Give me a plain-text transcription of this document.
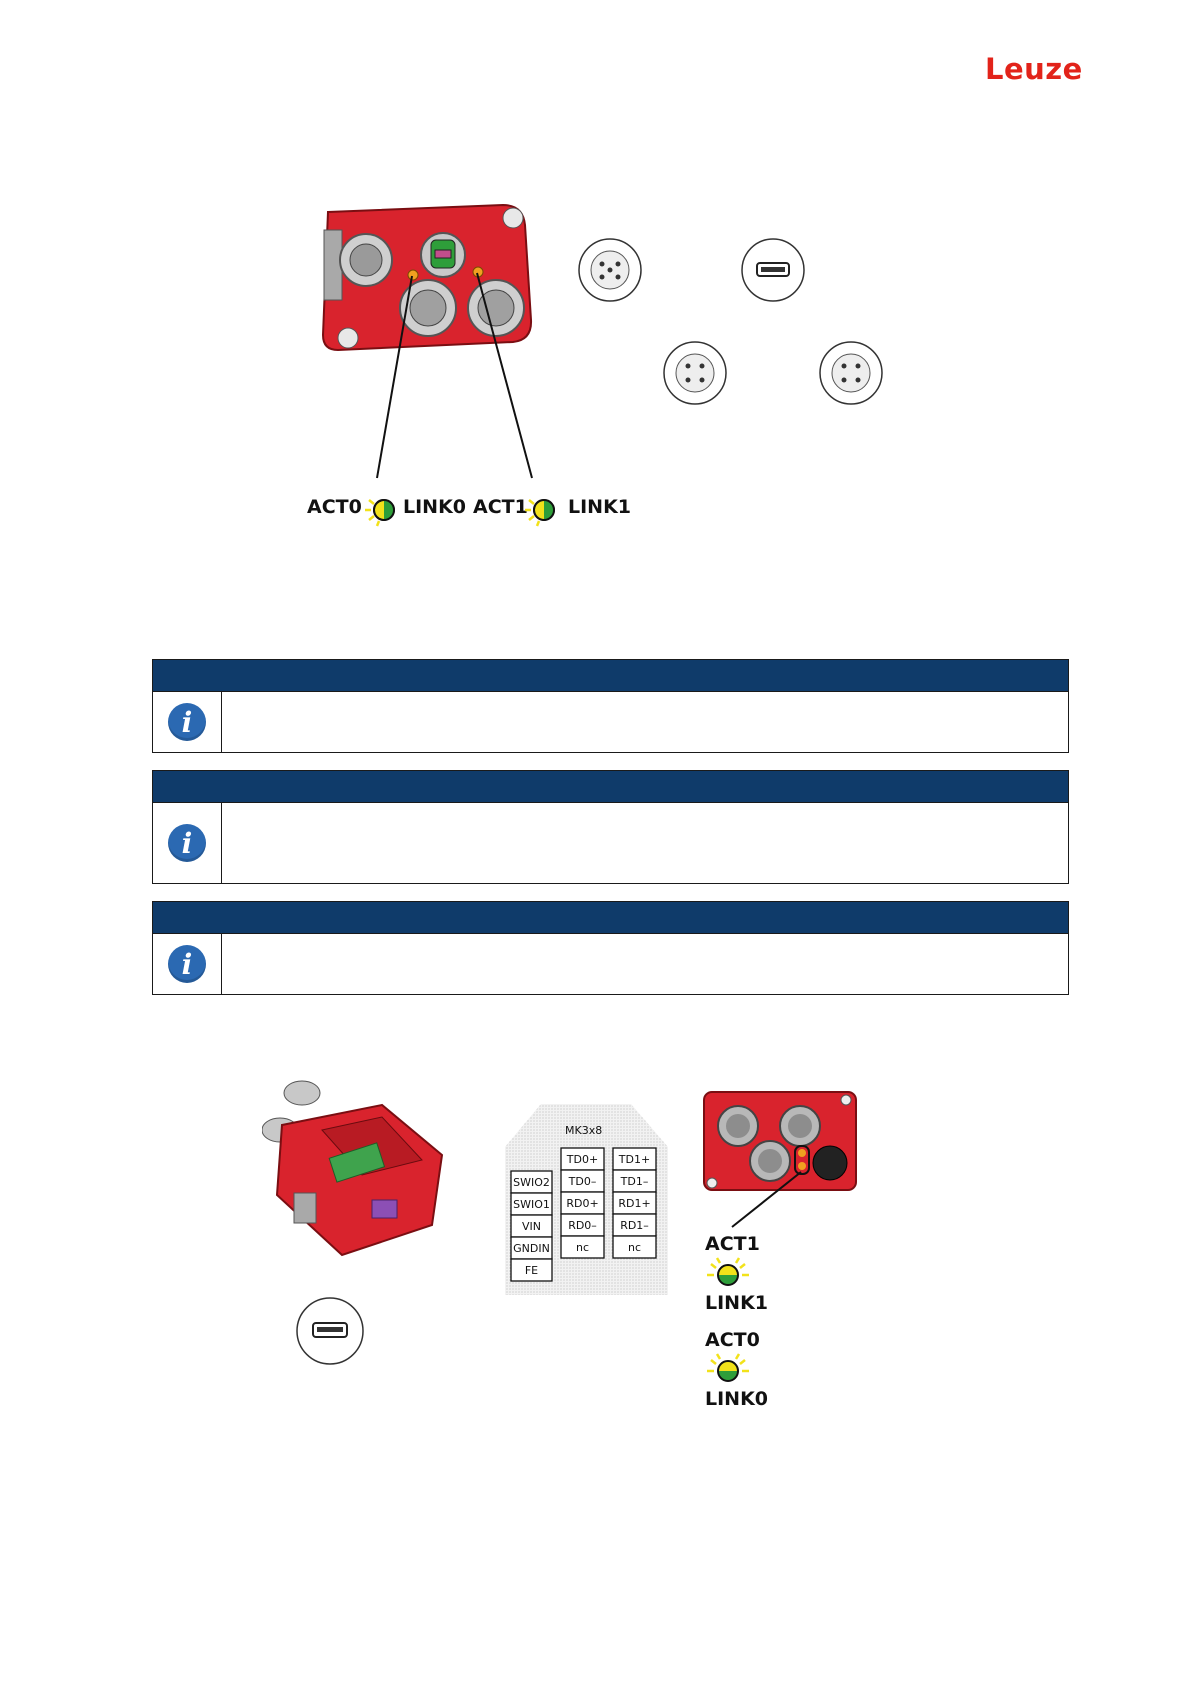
Leuze
ACT0 LINK0 ACT1 LINK1
i
i
i
MK3x8
SWIO2
SWIO1
VIN
GNDIN
FE
TD0+
TD0–
RD0+
RD0–
nc
TD1+
TD1–
RD1+
RD1–
nc	ACT1
LINK1
ACT0
LINK0
